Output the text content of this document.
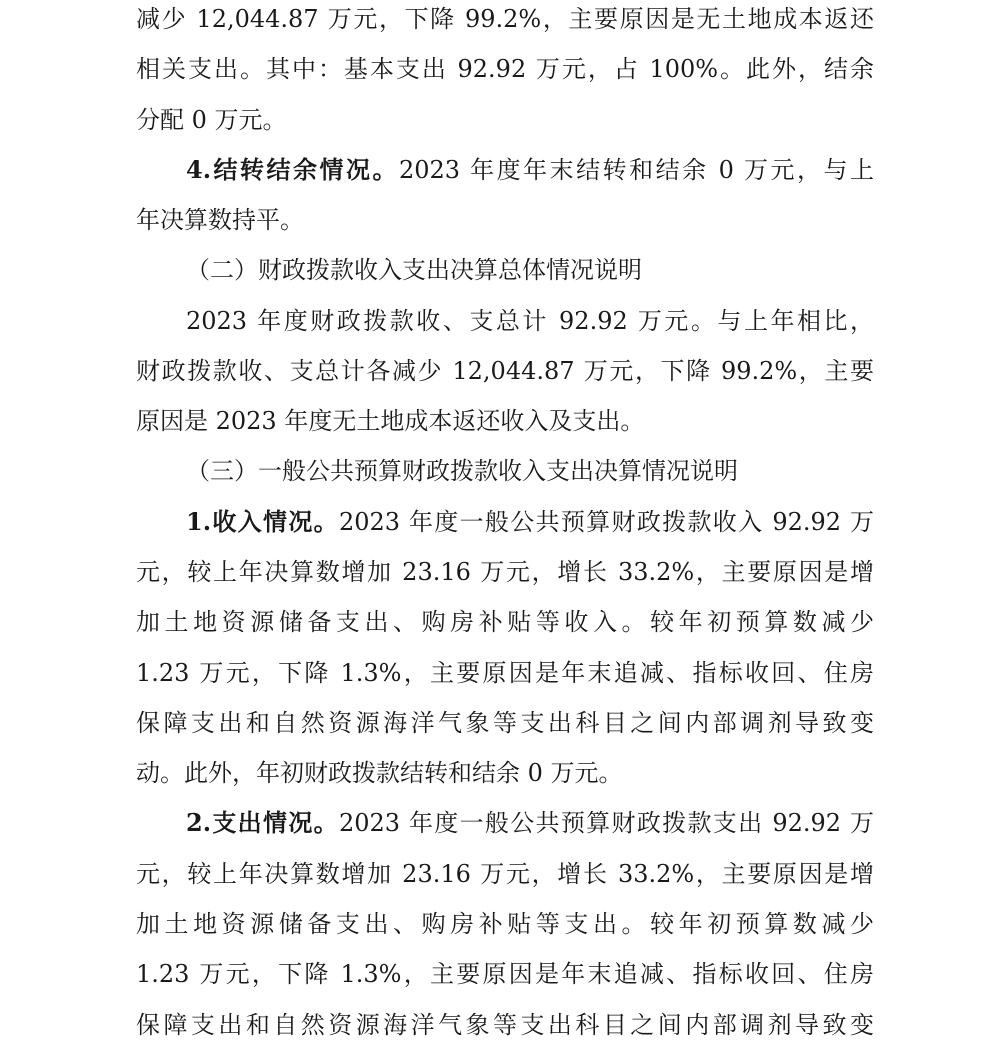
减少 12,044.87 万元，下降 99.2%，主要原因是无土地成本返还
相关支出。其中：基本支出 92.92 万元，占 100%。此外，结余
分配 0 万元。
4.结转结余情况。2023 年度年末结转和结余 0 万元，与上
年决算数持平。
（二）财政拨款收入支出决算总体情况说明
2023 年度财政拨款收、支总计 92.92 万元。与上年相比，
财政拨款收、支总计各减少 12,044.87 万元，下降 99.2%，主要
原因是 2023 年度无土地成本返还收入及支出。
（三）一般公共预算财政拨款收入支出决算情况说明
1.收入情况。2023 年度一般公共预算财政拨款收入 92.92 万
元，较上年决算数增加 23.16 万元，增长 33.2%，主要原因是增
加土地资源储备支出、购房补贴等收入。较年初预算数减少
1.23 万元，下降 1.3%，主要原因是年末追减、指标收回、住房
保障支出和自然资源海洋气象等支出科目之间内部调剂导致变
动。此外，年初财政拨款结转和结余 0 万元。
2.支出情况。2023 年度一般公共预算财政拨款支出 92.92 万
元，较上年决算数增加 23.16 万元，增长 33.2%，主要原因是增
加土地资源储备支出、购房补贴等支出。较年初预算数减少
1.23 万元，下降 1.3%，主要原因是年末追减、指标收回、住房
保障支出和自然资源海洋气象等支出科目之间内部调剂导致变
